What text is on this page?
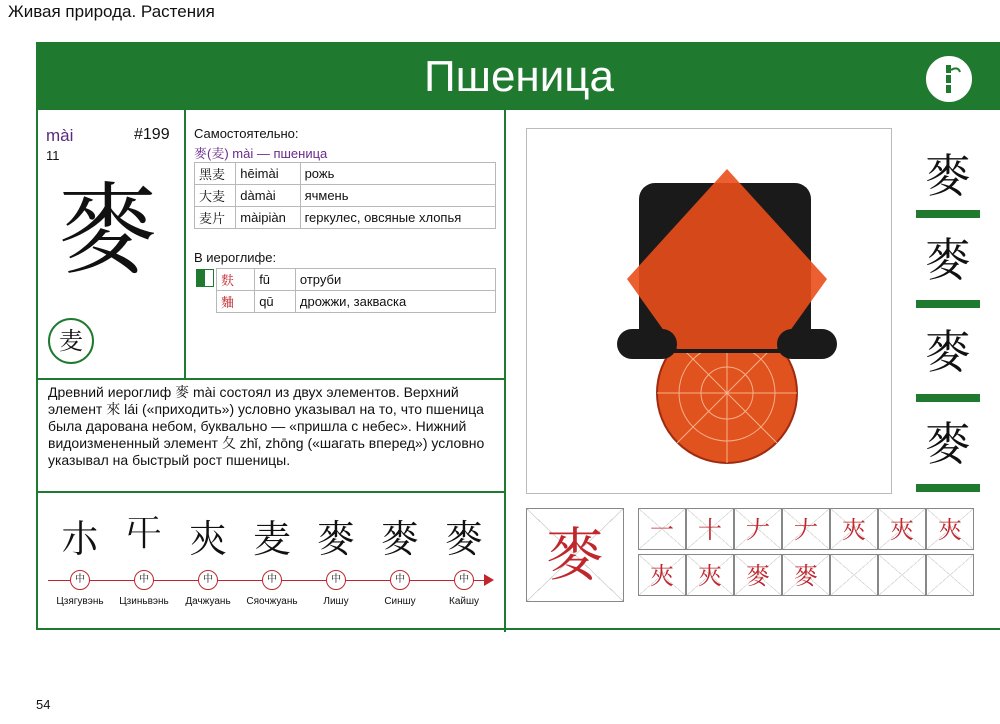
Живая природа. Растения
54
Пшеница
mài	#199
11
麥
麦
Самостоятельно:
麥(麦) mài — пшеница
黑麦	hēimài	рожь
大麦	dàmài	ячмень
麦片	màipiàn	геркулес, овсяные хлопья
В иероглифе:
麩	fū	отруби
麯	qū	дрожжи, закваска
Древний иероглиф 麥 mài состоял из двух элементов. Верхний элемент 來 lái («приходить») условно указывал на то, что пшеница была дарована небом, буквально — «пришла с небес». Нижний видоизмененный элемент 夂 zhǐ, zhōng («шагать вперед») условно указывал на быстрый рост пшеницы.
朩
中
Цзягувэнь
𡕒
中
Цзиньвэнь
㚒
中
Дачжуань
麦
中
Сяочжуань
麥
中
Лишу
麥
中
Синшу
麥
中
Кайшу
麥
麥
麥
麥
麥	一	十	𠂇	𠂇	夾	夾	夾
夾	夾	麥	麥
